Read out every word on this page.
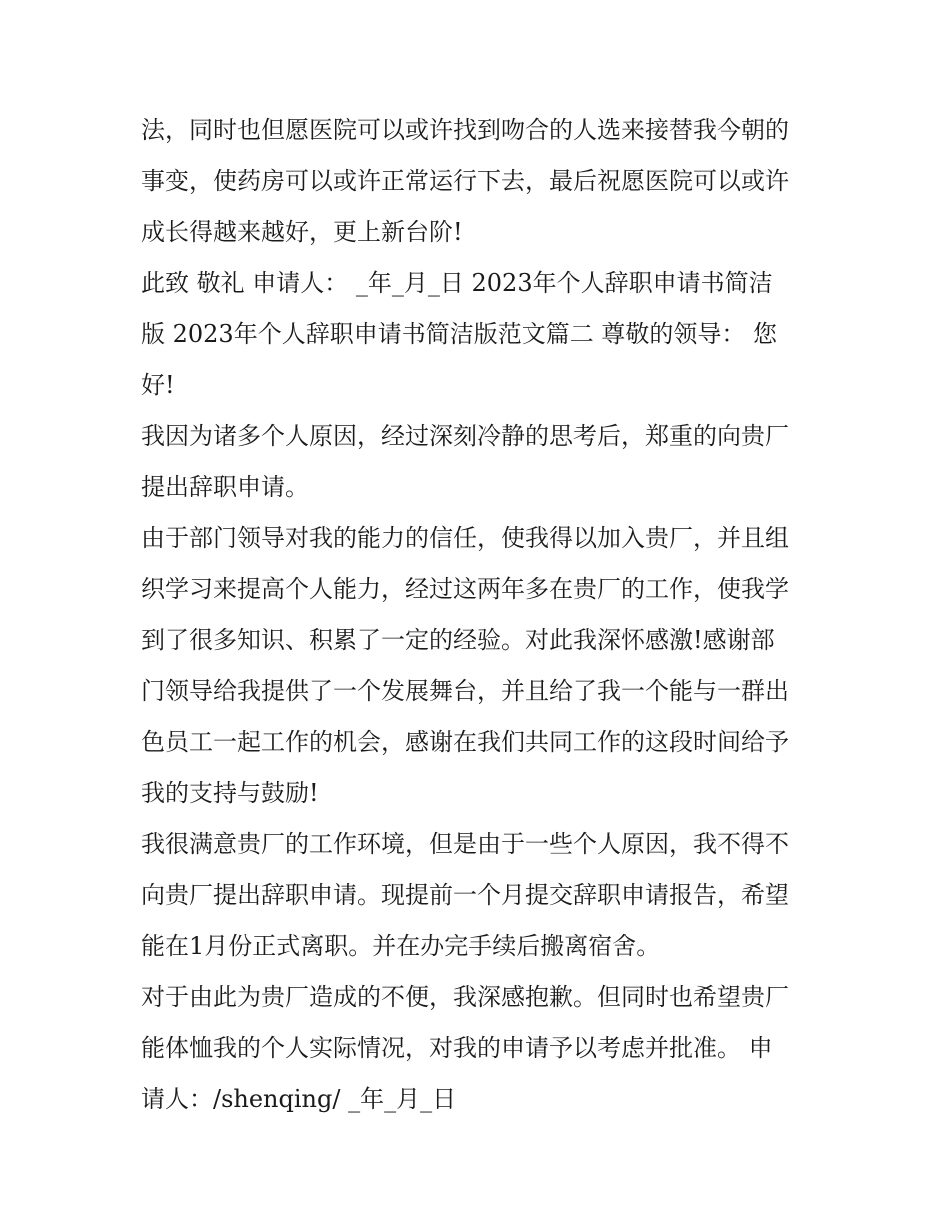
法，同时也但愿医院可以或许找到吻合的人选来接替我今朝的
事变，使药房可以或许正常运行下去，最后祝愿医院可以或许
成长得越来越好，更上新台阶!
此致 敬礼 申请人： _年_月_日 2023年个人辞职申请书简洁
版 2023年个人辞职申请书简洁版范文篇二 尊敬的领导： 您
好!
我因为诸多个人原因，经过深刻冷静的思考后，郑重的向贵厂
提出辞职申请。
由于部门领导对我的能力的信任，使我得以加入贵厂，并且组
织学习来提高个人能力，经过这两年多在贵厂的工作，使我学
到了很多知识、积累了一定的经验。对此我深怀感激!感谢部
门领导给我提供了一个发展舞台，并且给了我一个能与一群出
色员工一起工作的机会，感谢在我们共同工作的这段时间给予
我的支持与鼓励!
我很满意贵厂的工作环境，但是由于一些个人原因，我不得不
向贵厂提出辞职申请。现提前一个月提交辞职申请报告，希望
能在1月份正式离职。并在办完手续后搬离宿舍。
对于由此为贵厂造成的不便，我深感抱歉。但同时也希望贵厂
能体恤我的个人实际情况，对我的申请予以考虑并批准。 申
请人：/shenqing/ _年_月_日
